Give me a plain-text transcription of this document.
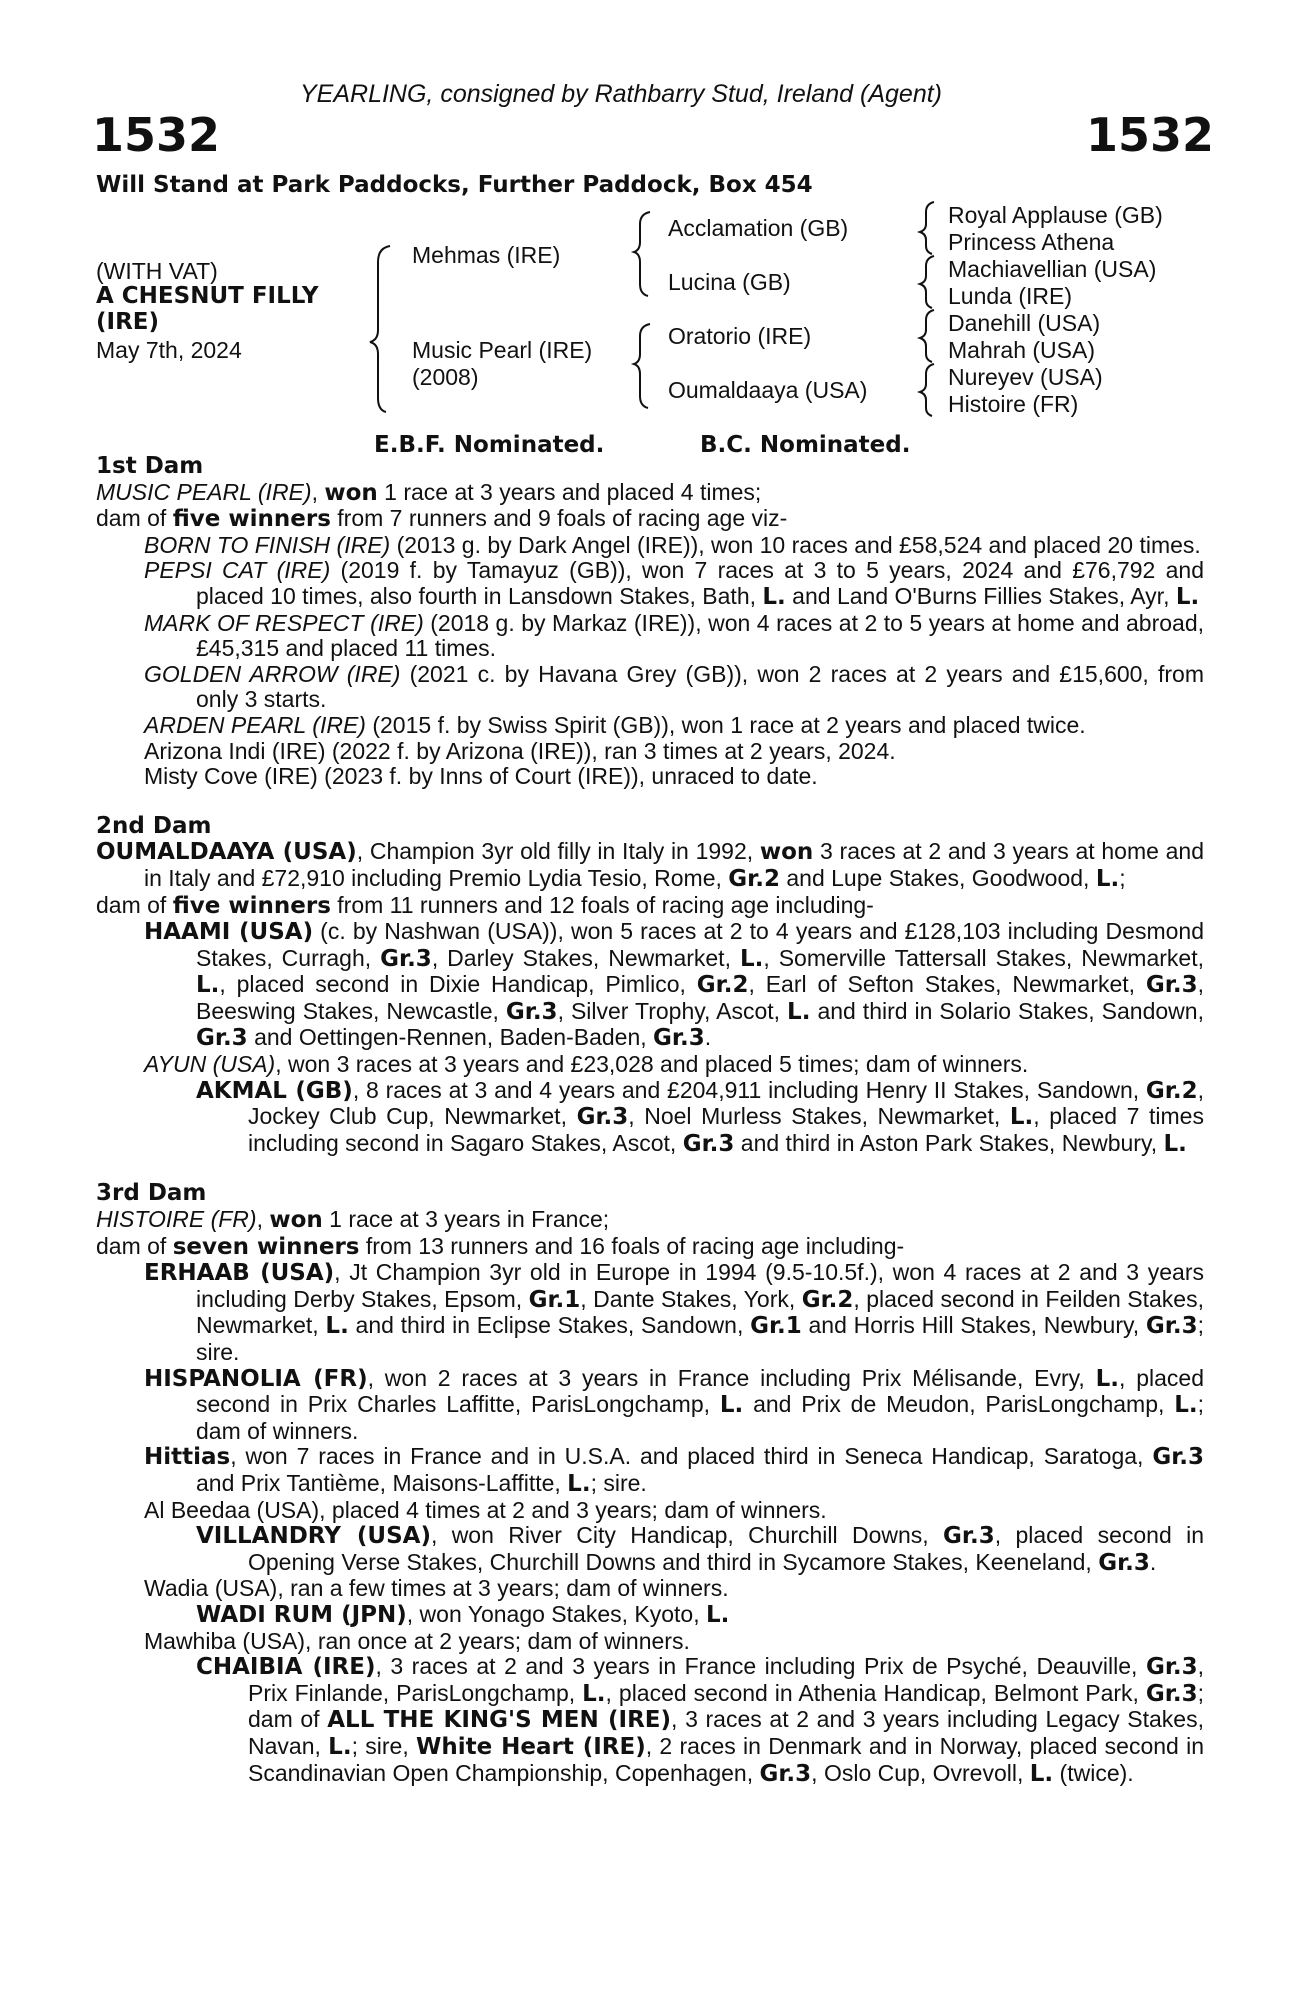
YEARLING, consigned by Rathbarry Stud, Ireland (Agent)
1532	1532
Will Stand at Park Paddocks, Further Paddock, Box 454
(WITH VAT)
A CHESNUT FILLY
(IRE)
May 7th, 2024
Mehmas (IRE)
Music Pearl (IRE)
(2008)
Acclamation (GB)
Lucina (GB)
Oratorio (IRE)
Oumaldaaya (USA)
Royal Applause (GB)
Princess Athena
Machiavellian (USA)
Lunda (IRE)
Danehill (USA)
Mahrah (USA)
Nureyev (USA)
Histoire (FR)
E.B.F. Nominated.	B.C. Nominated.
1st Dam
MUSIC PEARL (IRE), won 1 race at 3 years and placed 4 times;
dam of five winners from 7 runners and 9 foals of racing age viz-
BORN TO FINISH (IRE) (2013 g. by Dark Angel (IRE)), won 10 races and £58,524 and placed 20 times.
PEPSI CAT (IRE) (2019 f. by Tamayuz (GB)), won 7 races at 3 to 5 years, 2024 and £76,792 and placed 10 times, also fourth in Lansdown Stakes, Bath, L. and Land O'Burns Fillies Stakes, Ayr, L.
MARK OF RESPECT (IRE) (2018 g. by Markaz (IRE)), won 4 races at 2 to 5 years at home and abroad, £45,315 and placed 11 times.
GOLDEN ARROW (IRE) (2021 c. by Havana Grey (GB)), won 2 races at 2 years and £15,600, from only 3 starts.
ARDEN PEARL (IRE) (2015 f. by Swiss Spirit (GB)), won 1 race at 2 years and placed twice.
Arizona Indi (IRE) (2022 f. by Arizona (IRE)), ran 3 times at 2 years, 2024.
Misty Cove (IRE) (2023 f. by Inns of Court (IRE)), unraced to date.
2nd Dam
OUMALDAAYA (USA), Champion 3yr old filly in Italy in 1992, won 3 races at 2 and 3 years at home and in Italy and £72,910 including Premio Lydia Tesio, Rome, Gr.2 and Lupe Stakes, Goodwood, L.;
dam of five winners from 11 runners and 12 foals of racing age including-
HAAMI (USA) (c. by Nashwan (USA)), won 5 races at 2 to 4 years and £128,103 including Desmond Stakes, Curragh, Gr.3, Darley Stakes, Newmarket, L., Somerville Tattersall Stakes, Newmarket, L., placed second in Dixie Handicap, Pimlico, Gr.2, Earl of Sefton Stakes, Newmarket, Gr.3, Beeswing Stakes, Newcastle, Gr.3, Silver Trophy, Ascot, L. and third in Solario Stakes, Sandown, Gr.3 and Oettingen-Rennen, Baden-Baden, Gr.3.
AYUN (USA), won 3 races at 3 years and £23,028 and placed 5 times; dam of winners.
AKMAL (GB), 8 races at 3 and 4 years and £204,911 including Henry II Stakes, Sandown, Gr.2, Jockey Club Cup, Newmarket, Gr.3, Noel Murless Stakes, Newmarket, L., placed 7 times including second in Sagaro Stakes, Ascot, Gr.3 and third in Aston Park Stakes, Newbury, L.
3rd Dam
HISTOIRE (FR), won 1 race at 3 years in France;
dam of seven winners from 13 runners and 16 foals of racing age including-
ERHAAB (USA), Jt Champion 3yr old in Europe in 1994 (9.5-10.5f.), won 4 races at 2 and 3 years including Derby Stakes, Epsom, Gr.1, Dante Stakes, York, Gr.2, placed second in Feilden Stakes, Newmarket, L. and third in Eclipse Stakes, Sandown, Gr.1 and Horris Hill Stakes, Newbury, Gr.3; sire.
HISPANOLIA (FR), won 2 races at 3 years in France including Prix Mélisande, Evry, L., placed second in Prix Charles Laffitte, ParisLongchamp, L. and Prix de Meudon, ParisLongchamp, L.; dam of winners.
Hittias, won 7 races in France and in U.S.A. and placed third in Seneca Handicap, Saratoga, Gr.3 and Prix Tantième, Maisons-Laffitte, L.; sire.
Al Beedaa (USA), placed 4 times at 2 and 3 years; dam of winners.
VILLANDRY (USA), won River City Handicap, Churchill Downs, Gr.3, placed second in Opening Verse Stakes, Churchill Downs and third in Sycamore Stakes, Keeneland, Gr.3.
Wadia (USA), ran a few times at 3 years; dam of winners.
WADI RUM (JPN), won Yonago Stakes, Kyoto, L.
Mawhiba (USA), ran once at 2 years; dam of winners.
CHAIBIA (IRE), 3 races at 2 and 3 years in France including Prix de Psyché, Deauville, Gr.3, Prix Finlande, ParisLongchamp, L., placed second in Athenia Handicap, Belmont Park, Gr.3; dam of ALL THE KING'S MEN (IRE), 3 races at 2 and 3 years including Legacy Stakes, Navan, L.; sire, White Heart (IRE), 2 races in Denmark and in Norway, placed second in Scandinavian Open Championship, Copenhagen, Gr.3, Oslo Cup, Ovrevoll, L. (twice).
